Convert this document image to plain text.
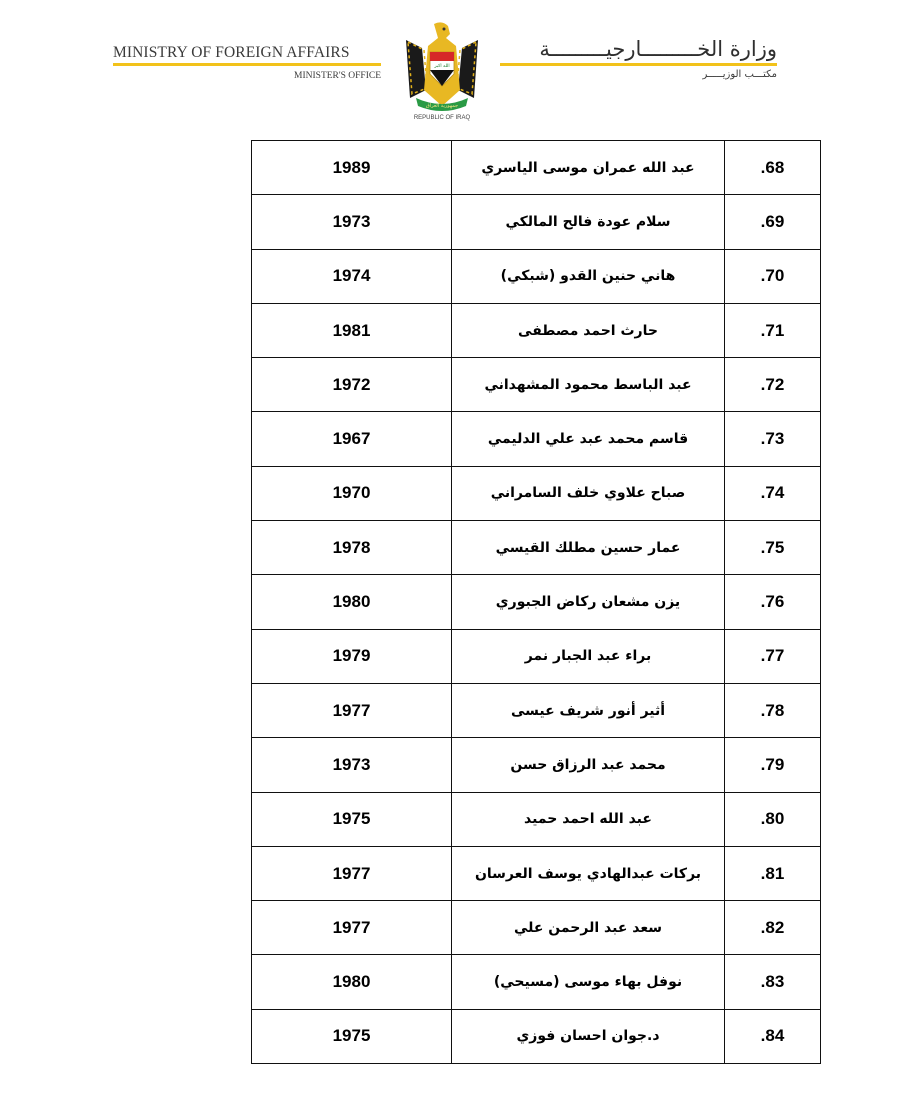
MINISTRY OF FOREIGN AFFAIRS
MINISTER'S OFFICE
الله اكبر
جمهورية العراق
REPUBLIC OF IRAQ
وزارة الخـــــــــارجيـــــــــة
مكتـــب الوزيـــــر
1989	عبد الله عمران موسى الياسري	68.
1973	سلام عودة فالح المالكي	69.
1974	هاني حنين القدو (شبكي)	70.
1981	حارث احمد مصطفى	71.
1972	عبد الباسط محمود المشهداني	72.
1967	قاسم محمد عبد علي الدليمي	73.
1970	صباح علاوي خلف السامراني	74.
1978	عمار حسين مطلك القيسي	75.
1980	يزن مشعان ركاض الجبوري	76.
1979	براء عبد الجبار نمر	77.
1977	أثير أنور شريف عيسى	78.
1973	محمد عبد الرزاق حسن	79.
1975	عبد الله احمد حميد	80.
1977	بركات عبدالهادي يوسف العرسان	81.
1977	سعد عبد الرحمن علي	82.
1980	نوفل بهاء موسى (مسيحي)	83.
1975	د.جوان احسان فوزي	84.
